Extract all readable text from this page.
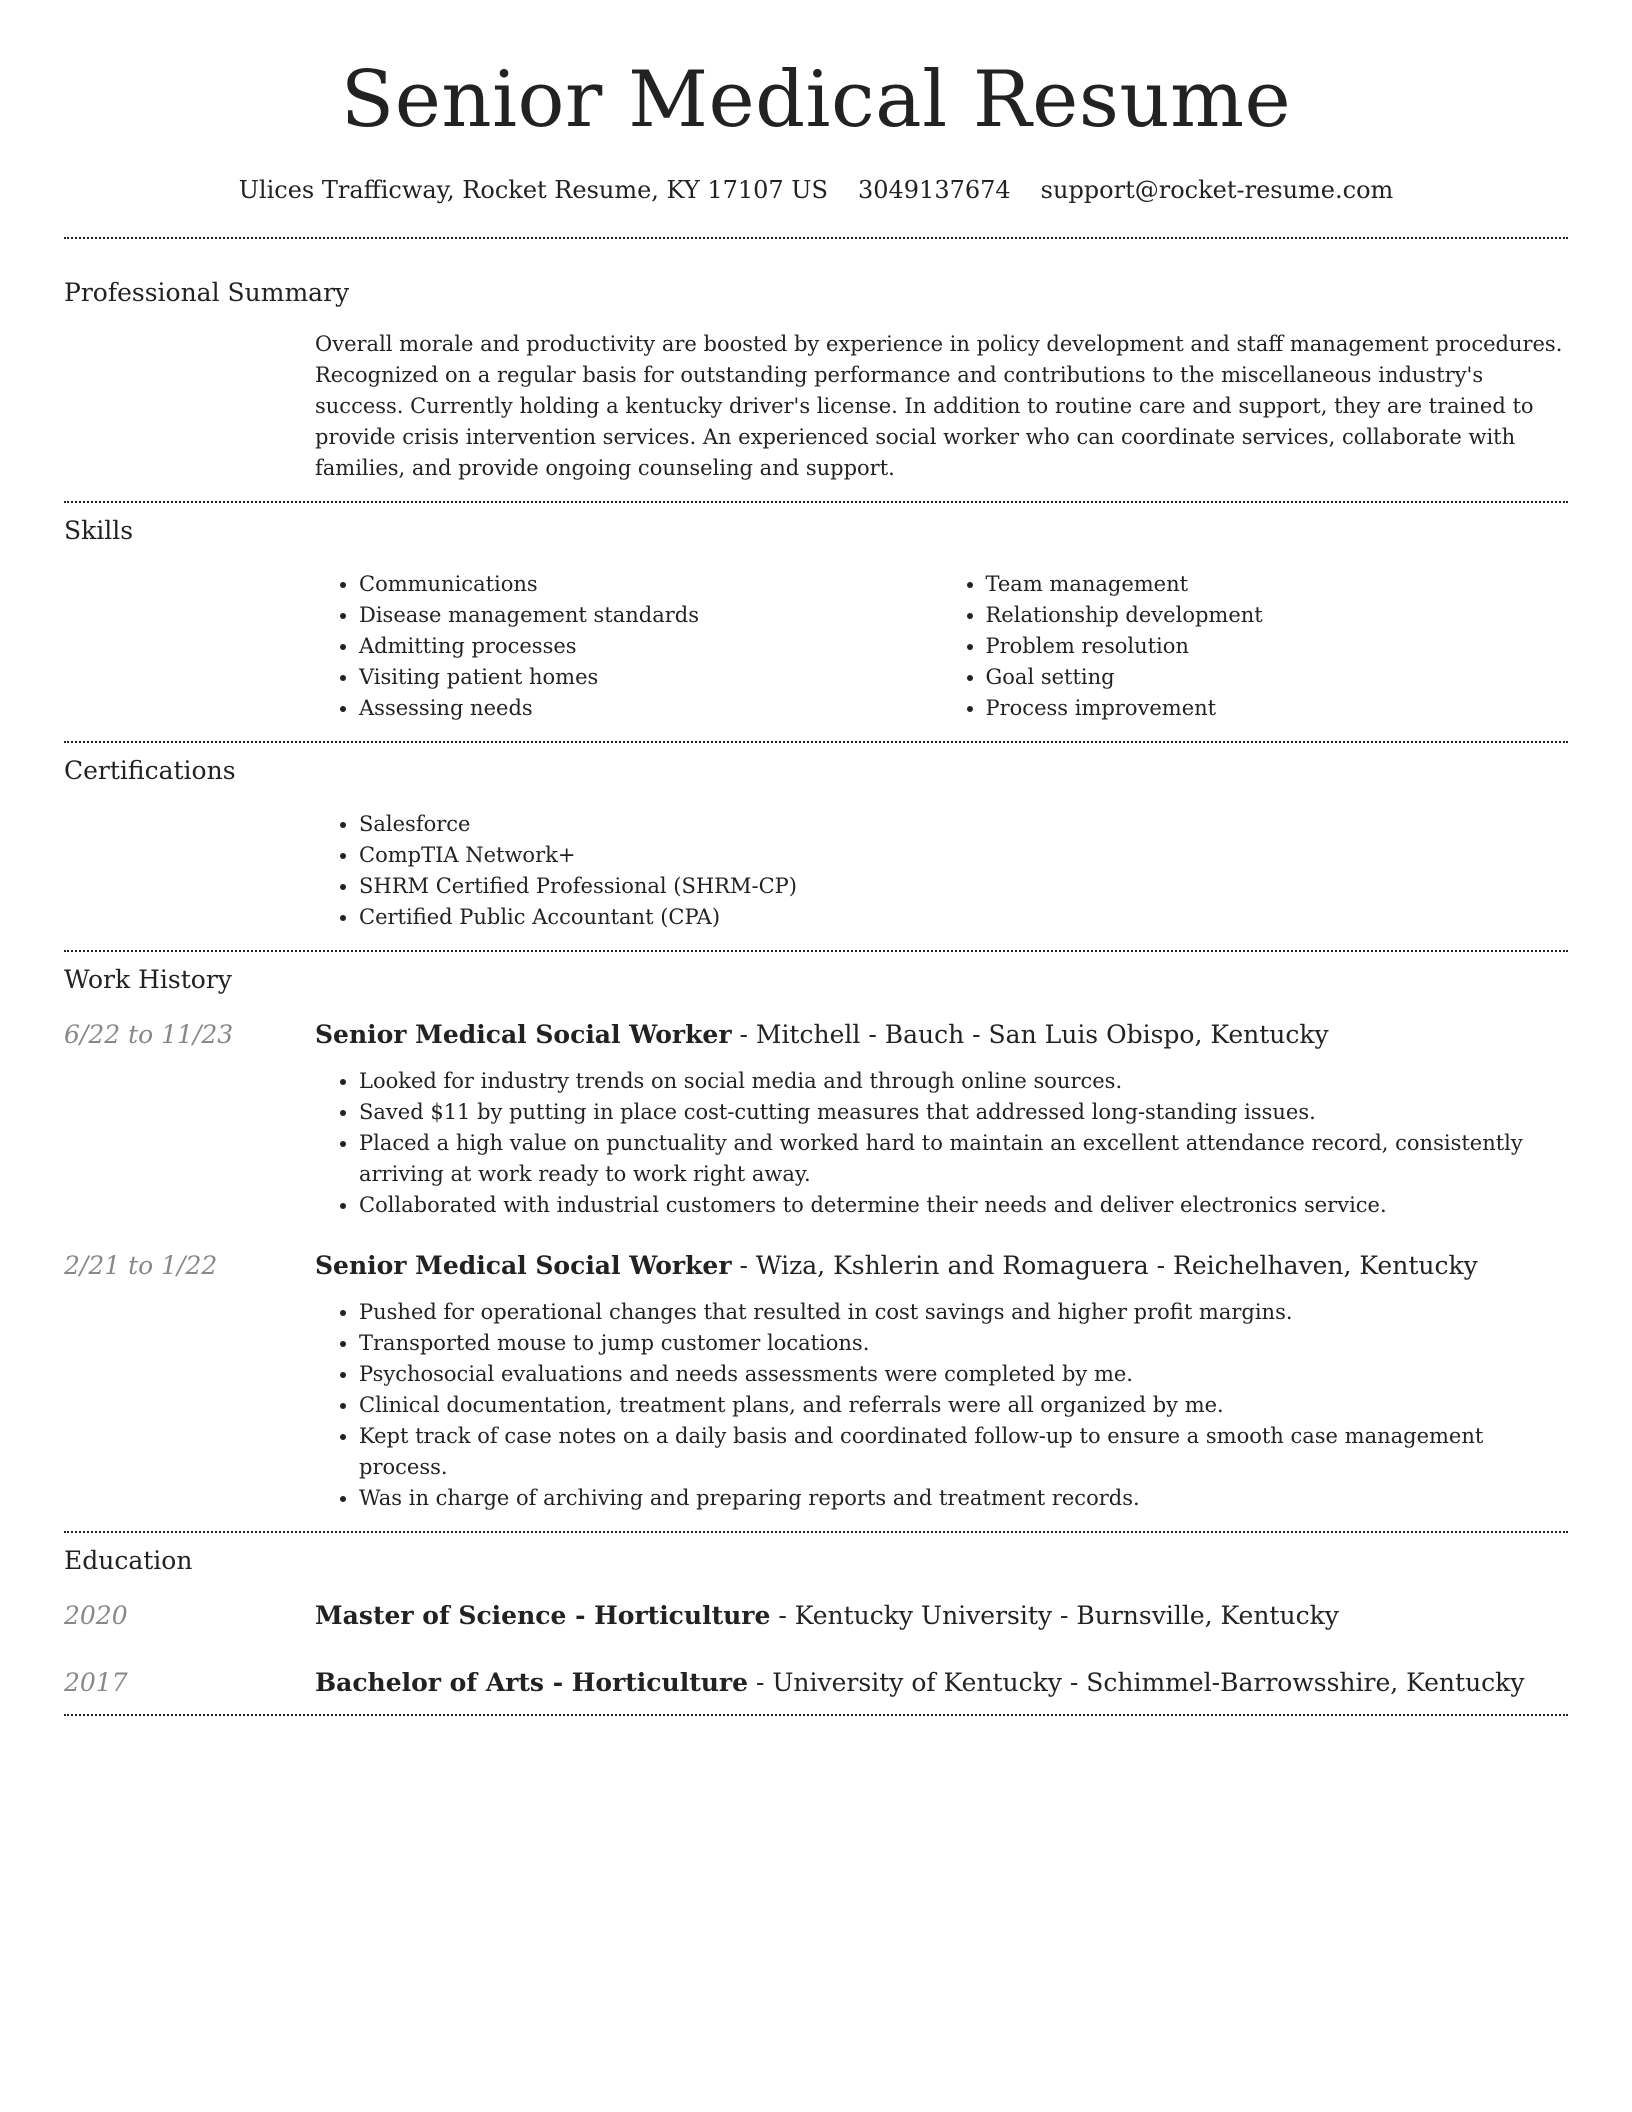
Senior Medical Resume
Ulices Trafficway, Rocket Resume, KY 17107 US 3049137674 support@rocket-resume.com
Professional Summary
Overall morale and productivity are boosted by experience in policy development and staff management procedures. Recognized on a regular basis for outstanding performance and contributions to the miscellaneous industry's success. Currently holding a kentucky driver's license. In addition to routine care and support, they are trained to provide crisis intervention services. An experienced social worker who can coordinate services, collaborate with families, and provide ongoing counseling and support.
Skills
• Communications
• Disease management standards
• Admitting processes
• Visiting patient homes
• Assessing needs
• Team management
• Relationship development
• Problem resolution
• Goal setting
• Process improvement
Certifications
• Salesforce
• CompTIA Network+
• SHRM Certified Professional (SHRM-CP)
• Certified Public Accountant (CPA)
Work History
6/22 to 11/23	Senior Medical Social Worker - Mitchell - Bauch - San Luis Obispo, Kentucky
• Looked for industry trends on social media and through online sources.
• Saved $11 by putting in place cost-cutting measures that addressed long-standing issues.
• Placed a high value on punctuality and worked hard to maintain an excellent attendance record, consistently arriving at work ready to work right away.
• Collaborated with industrial customers to determine their needs and deliver electronics service.
2/21 to 1/22	Senior Medical Social Worker - Wiza, Kshlerin and Romaguera - Reichelhaven, Kentucky
• Pushed for operational changes that resulted in cost savings and higher profit margins.
• Transported mouse to jump customer locations.
• Psychosocial evaluations and needs assessments were completed by me.
• Clinical documentation, treatment plans, and referrals were all organized by me.
• Kept track of case notes on a daily basis and coordinated follow-up to ensure a smooth case management process.
• Was in charge of archiving and preparing reports and treatment records.
Education
2020	Master of Science - Horticulture - Kentucky University - Burnsville, Kentucky
2017	Bachelor of Arts - Horticulture - University of Kentucky - Schimmel-Barrowsshire, Kentucky
